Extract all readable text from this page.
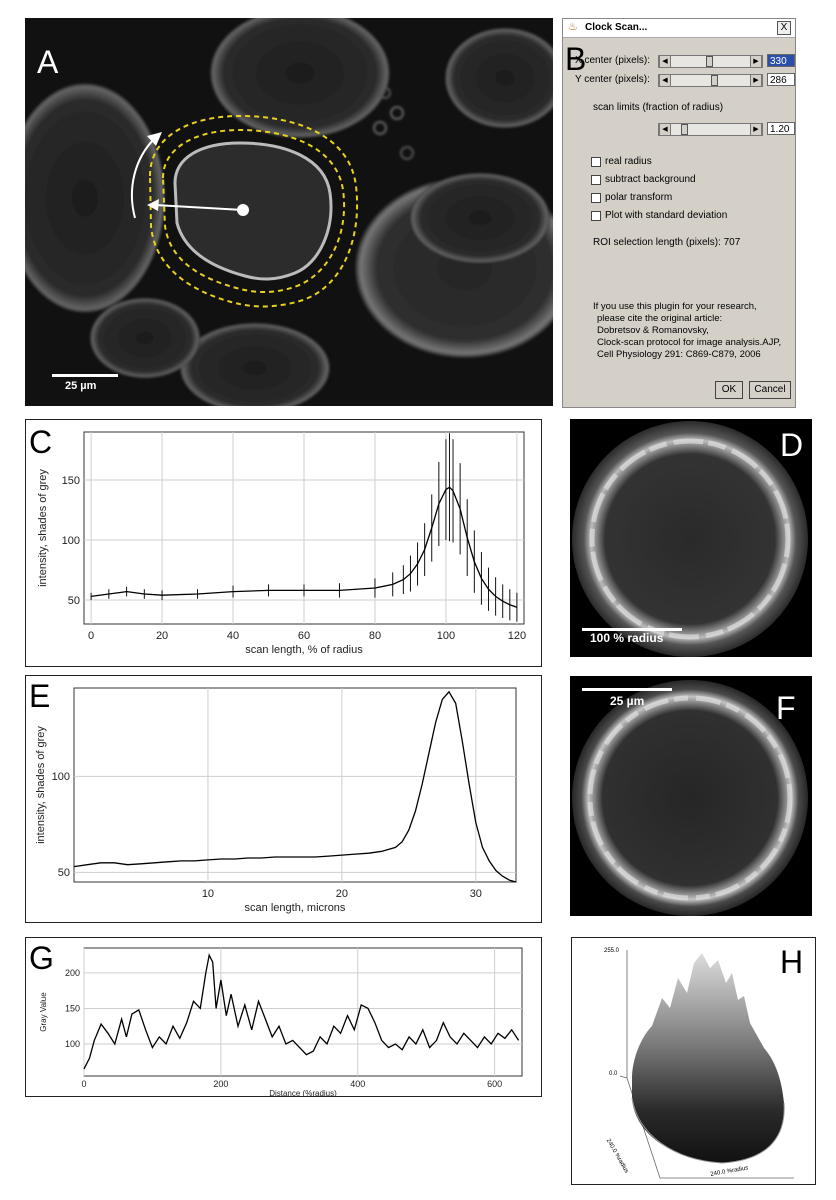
25 µm
A
♨ Clock Scan...	X
X center (pixels):	◀	▶	330
Y center (pixels):	◀	▶	286
scan limits (fraction of radius)
◀	▶	1.20
real radius
subtract background
polar transform
Plot with standard deviation
ROI selection length (pixels): 707
If you use this plugin for your research,
please cite the original article:
Dobretsov & Romanovsky,
Clock-scan protocol for image analysis.AJP,
Cell Physiology 291: C869-C879, 2006
OK	Cancel
B
0	20	40	60	80	100	120
50
100
150
scan length, % of radius
intensity, shades of grey
C
100 % radius
D
10	20	30
50
100
scan length, microns
intensity, shades of grey
E	25 µm	F
0	200	400	600
100
150
200
Distance (%radius)
Gray Value
G	255.0
0.0
240.0 %radius	240.0 %radius
H
